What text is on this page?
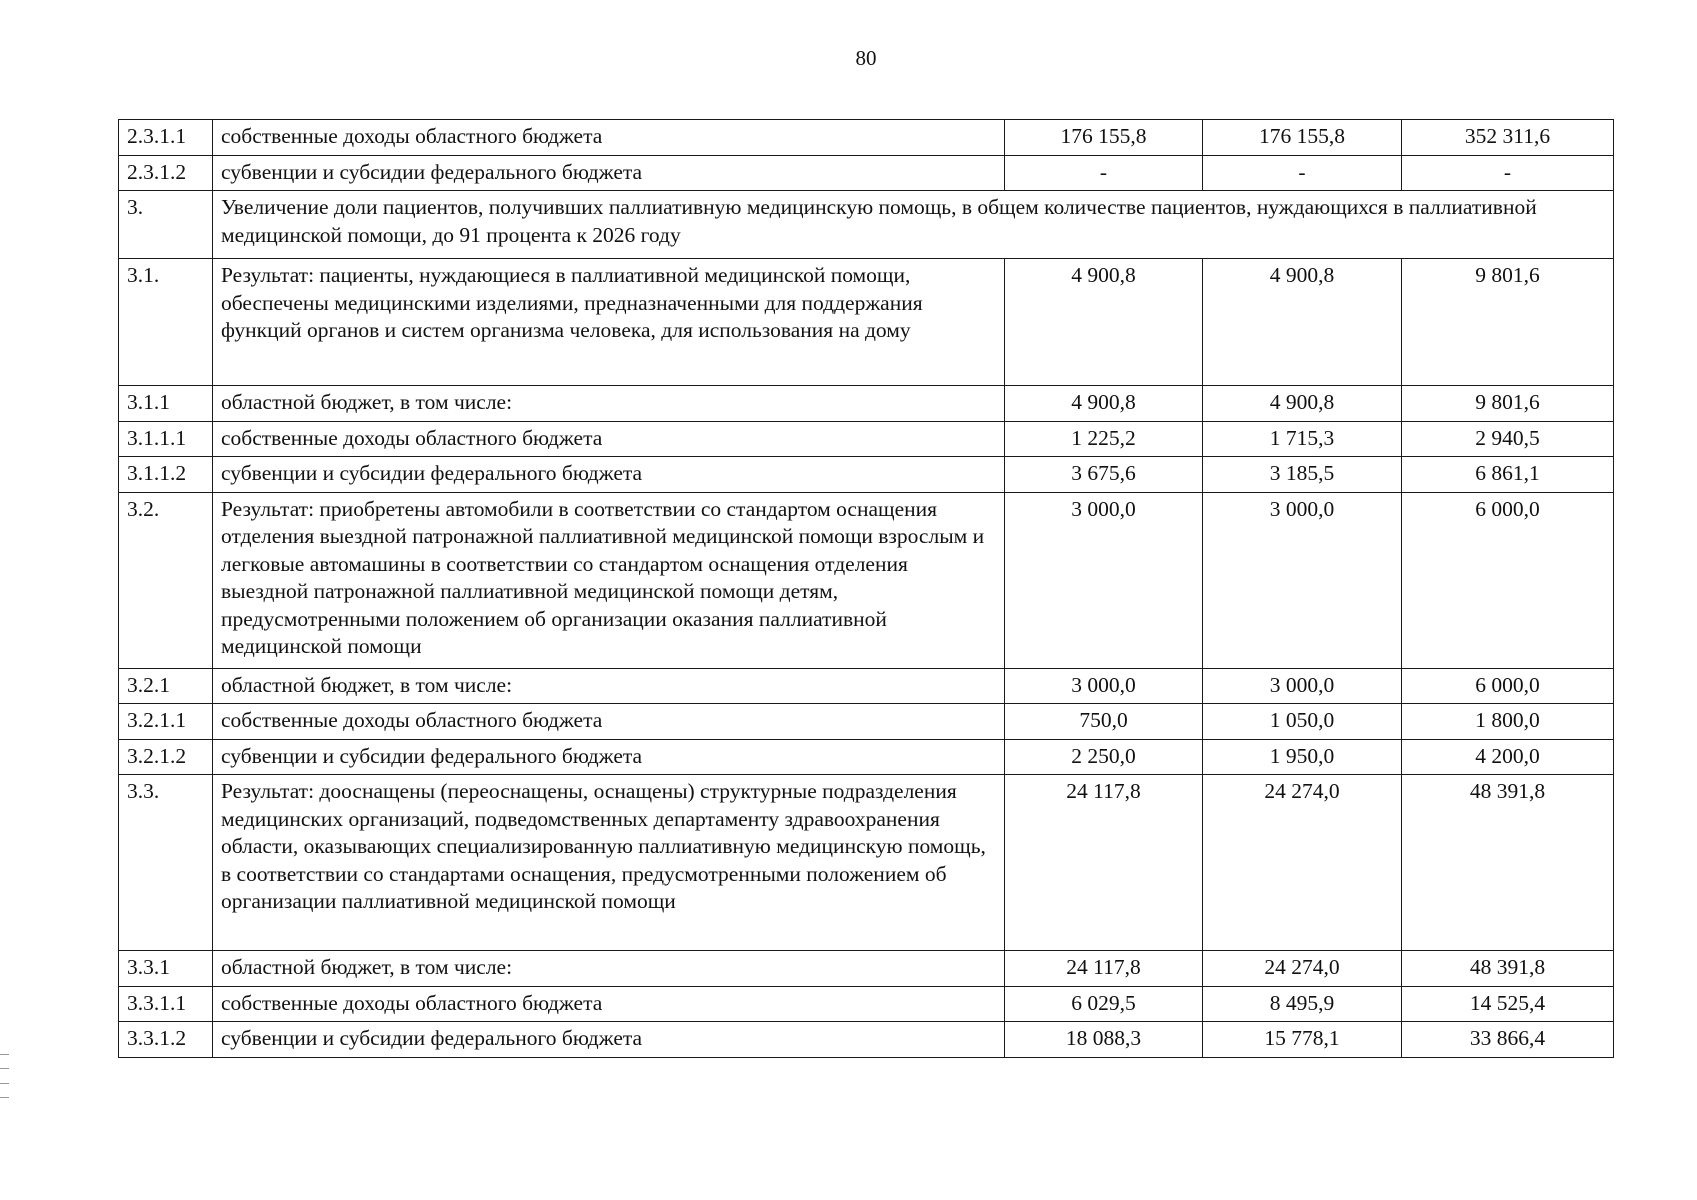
80
2.3.1.1	собственные доходы областного бюджета	176 155,8	176 155,8	352 311,6
2.3.1.2	субвенции и субсидии федерального бюджета	-	-	-
3.	Увеличение доли пациентов, получивших паллиативную медицинскую помощь, в общем количестве пациентов, нуждающихся в паллиативной медицинской помощи, до 91 процента к 2026 году			
3.1.	Результат: пациенты, нуждающиеся в паллиативной медицинской помощи, обеспечены медицинскими изделиями, предназначенными для поддержания функций органов и систем организма человека, для использования на дому	4 900,8	4 900,8	9 801,6
3.1.1	областной бюджет, в том числе:	4 900,8	4 900,8	9 801,6
3.1.1.1	собственные доходы областного бюджета	1 225,2	1 715,3	2 940,5
3.1.1.2	субвенции и субсидии федерального бюджета	3 675,6	3 185,5	6 861,1
3.2.	Результат: приобретены автомобили в соответствии со стандартом оснащения отделения выездной патронажной паллиативной медицинской помощи взрослым и легковые автомашины в соответствии со стандартом оснащения отделения выездной патронажной паллиативной медицинской помощи детям, предусмотренными положением об организации оказания паллиативной медицинской помощи	3 000,0	3 000,0	6 000,0
3.2.1	областной бюджет, в том числе:	3 000,0	3 000,0	6 000,0
3.2.1.1	собственные доходы областного бюджета	750,0	1 050,0	1 800,0
3.2.1.2	субвенции и субсидии федерального бюджета	2 250,0	1 950,0	4 200,0
3.3.	Результат: дооснащены (переоснащены, оснащены) структурные подразделения медицинских организаций, подведомственных департаменту здравоохранения области, оказывающих специализированную паллиативную медицинскую помощь, в соответствии со стандартами оснащения, предусмотренными положением об организации паллиативной медицинской помощи	24 117,8	24 274,0	48 391,8
3.3.1	областной бюджет, в том числе:	24 117,8	24 274,0	48 391,8
3.3.1.1	собственные доходы областного бюджета	6 029,5	8 495,9	14 525,4
3.3.1.2	субвенции и субсидии федерального бюджета	18 088,3	15 778,1	33 866,4
